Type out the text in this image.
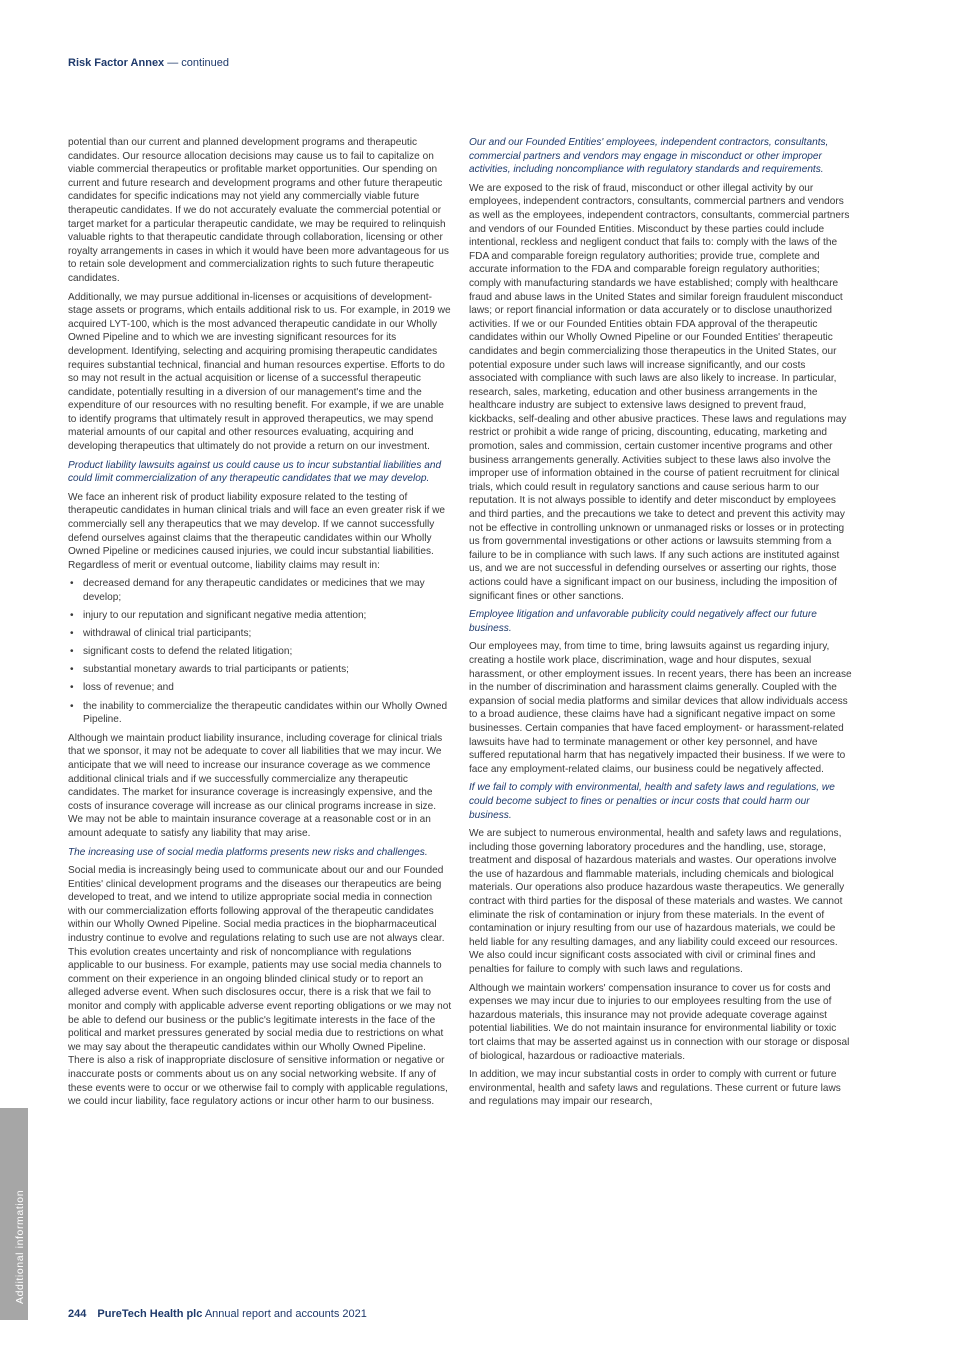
Risk Factor Annex — continued

potential than our current and planned development programs and therapeutic candidates. Our resource allocation decisions may cause us to fail to capitalize on viable commercial therapeutics or profitable market opportunities. Our spending on current and future research and development programs and other future therapeutic candidates for specific indications may not yield any commercially viable future therapeutic candidates. If we do not accurately evaluate the commercial potential or target market for a particular therapeutic candidate, we may be required to relinquish valuable rights to that therapeutic candidate through collaboration, licensing or other royalty arrangements in cases in which it would have been more advantageous for us to retain sole development and commercialization rights to such future therapeutic candidates.

Additionally, we may pursue additional in-licenses or acquisitions of development-stage assets or programs, which entails additional risk to us. For example, in 2019 we acquired LYT-100, which is the most advanced therapeutic candidate in our Wholly Owned Pipeline and to which we are investing significant resources for its development. Identifying, selecting and acquiring promising therapeutic candidates requires substantial technical, financial and human resources expertise. Efforts to do so may not result in the actual acquisition or license of a successful therapeutic candidate, potentially resulting in a diversion of our management's time and the expenditure of our resources with no resulting benefit. For example, if we are unable to identify programs that ultimately result in approved therapeutics, we may spend material amounts of our capital and other resources evaluating, acquiring and developing therapeutics that ultimately do not provide a return on our investment.

Product liability lawsuits against us could cause us to incur substantial liabilities and could limit commercialization of any therapeutic candidates that we may develop.

We face an inherent risk of product liability exposure related to the testing of therapeutic candidates in human clinical trials and will face an even greater risk if we commercially sell any therapeutics that we may develop. If we cannot successfully defend ourselves against claims that the therapeutic candidates within our Wholly Owned Pipeline or medicines caused injuries, we could incur substantial liabilities. Regardless of merit or eventual outcome, liability claims may result in:

• decreased demand for any therapeutic candidates or medicines that we may develop;
• injury to our reputation and significant negative media attention;
• withdrawal of clinical trial participants;
• significant costs to defend the related litigation;
• substantial monetary awards to trial participants or patients;
• loss of revenue; and
• the inability to commercialize the therapeutic candidates within our Wholly Owned Pipeline.

Although we maintain product liability insurance, including coverage for clinical trials that we sponsor, it may not be adequate to cover all liabilities that we may incur. We anticipate that we will need to increase our insurance coverage as we commence additional clinical trials and if we successfully commercialize any therapeutic candidates. The market for insurance coverage is increasingly expensive, and the costs of insurance coverage will increase as our clinical programs increase in size. We may not be able to maintain insurance coverage at a reasonable cost or in an amount adequate to satisfy any liability that may arise.

The increasing use of social media platforms presents new risks and challenges.

Social media is increasingly being used to communicate about our and our Founded Entities' clinical development programs and the diseases our therapeutics are being developed to treat, and we intend to utilize appropriate social media in connection with our commercialization efforts following approval of the therapeutic candidates within our Wholly Owned Pipeline. Social media practices in the biopharmaceutical industry continue to evolve and regulations relating to such use are not always clear. This evolution creates uncertainty and risk of noncompliance with regulations applicable to our business. For example, patients may use social media channels to comment on their experience in an ongoing blinded clinical study or to report an alleged adverse event. When such disclosures occur, there is a risk that we fail to monitor and comply with applicable adverse event reporting obligations or we may not be able to defend our business or the public's legitimate interests in the face of the political and market pressures generated by social media due to restrictions on what we may say about the therapeutic candidates within our Wholly Owned Pipeline. There is also a risk of inappropriate disclosure of sensitive information or negative or inaccurate posts or comments about us on any social networking website. If any of these events were to occur or we otherwise fail to comply with applicable regulations, we could incur liability, face regulatory actions or incur other harm to our business.

Our and our Founded Entities' employees, independent contractors, consultants, commercial partners and vendors may engage in misconduct or other improper activities, including noncompliance with regulatory standards and requirements.

We are exposed to the risk of fraud, misconduct or other illegal activity by our employees, independent contractors, consultants, commercial partners and vendors as well as the employees, independent contractors, consultants, commercial partners and vendors of our Founded Entities. Misconduct by these parties could include intentional, reckless and negligent conduct that fails to: comply with the laws of the FDA and comparable foreign regulatory authorities; provide true, complete and accurate information to the FDA and comparable foreign regulatory authorities; comply with manufacturing standards we have established; comply with healthcare fraud and abuse laws in the United States and similar foreign fraudulent misconduct laws; or report financial information or data accurately or to disclose unauthorized activities. If we or our Founded Entities obtain FDA approval of the therapeutic candidates within our Wholly Owned Pipeline or our Founded Entities' therapeutic candidates and begin commercializing those therapeutics in the United States, our potential exposure under such laws will increase significantly, and our costs associated with compliance with such laws are also likely to increase. In particular, research, sales, marketing, education and other business arrangements in the healthcare industry are subject to extensive laws designed to prevent fraud, kickbacks, self-dealing and other abusive practices. These laws and regulations may restrict or prohibit a wide range of pricing, discounting, educating, marketing and promotion, sales and commission, certain customer incentive programs and other business arrangements generally. Activities subject to these laws also involve the improper use of information obtained in the course of patient recruitment for clinical trials, which could result in regulatory sanctions and cause serious harm to our reputation. It is not always possible to identify and deter misconduct by employees and third parties, and the precautions we take to detect and prevent this activity may not be effective in controlling unknown or unmanaged risks or losses or in protecting us from governmental investigations or other actions or lawsuits stemming from a failure to be in compliance with such laws. If any such actions are instituted against us, and we are not successful in defending ourselves or asserting our rights, those actions could have a significant impact on our business, including the imposition of significant fines or other sanctions.

Employee litigation and unfavorable publicity could negatively affect our future business.

Our employees may, from time to time, bring lawsuits against us regarding injury, creating a hostile work place, discrimination, wage and hour disputes, sexual harassment, or other employment issues. In recent years, there has been an increase in the number of discrimination and harassment claims generally. Coupled with the expansion of social media platforms and similar devices that allow individuals access to a broad audience, these claims have had a significant negative impact on some businesses. Certain companies that have faced employment- or harassment-related lawsuits have had to terminate management or other key personnel, and have suffered reputational harm that has negatively impacted their business. If we were to face any employment-related claims, our business could be negatively affected.

If we fail to comply with environmental, health and safety laws and regulations, we could become subject to fines or penalties or incur costs that could harm our business.

We are subject to numerous environmental, health and safety laws and regulations, including those governing laboratory procedures and the handling, use, storage, treatment and disposal of hazardous materials and wastes. Our operations involve the use of hazardous and flammable materials, including chemicals and biological materials. Our operations also produce hazardous waste therapeutics. We generally contract with third parties for the disposal of these materials and wastes. We cannot eliminate the risk of contamination or injury from these materials. In the event of contamination or injury resulting from our use of hazardous materials, we could be held liable for any resulting damages, and any liability could exceed our resources. We also could incur significant costs associated with civil or criminal fines and penalties for failure to comply with such laws and regulations.

Although we maintain workers' compensation insurance to cover us for costs and expenses we may incur due to injuries to our employees resulting from the use of hazardous materials, this insurance may not provide adequate coverage against potential liabilities. We do not maintain insurance for environmental liability or toxic tort claims that may be asserted against us in connection with our storage or disposal of biological, hazardous or radioactive materials.

In addition, we may incur substantial costs in order to comply with current or future environmental, health and safety laws and regulations. These current or future laws and regulations may impair our research,

Additional information
244 PureTech Health plc Annual report and accounts 2021
